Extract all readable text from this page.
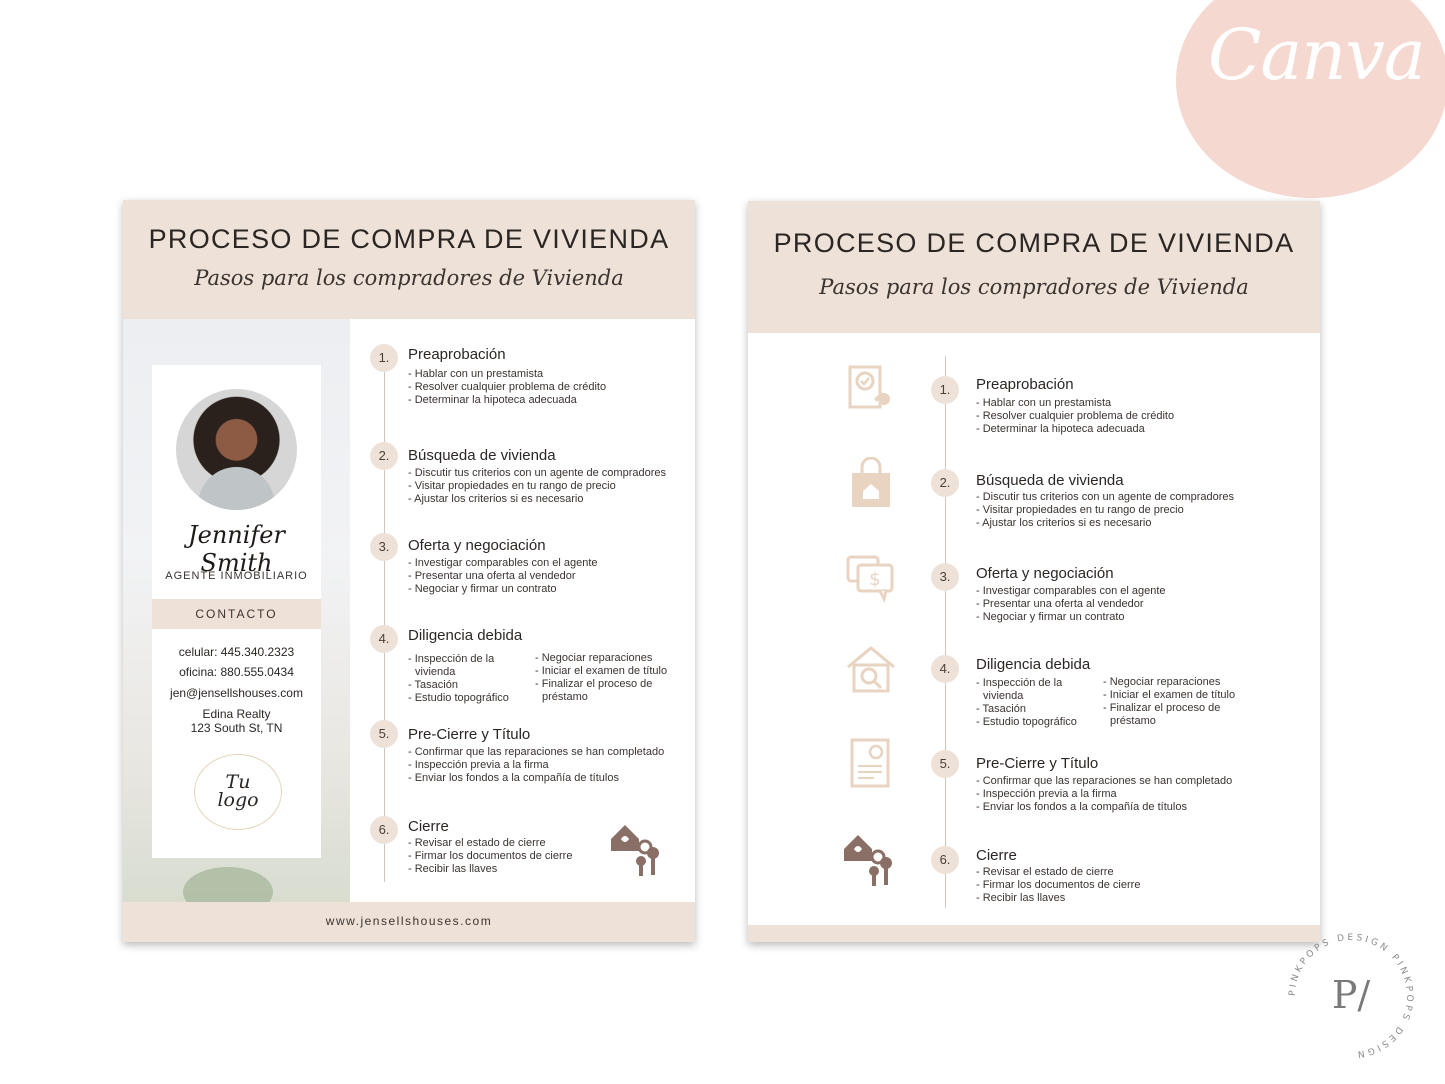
Canva
PROCESO DE COMPRA DE VIVIENDA
Pasos para los compradores de Vivienda
Jennifer Smith
AGENTE INMOBILIARIO
CONTACTO
celular: 445.340.2323
oficina: 880.555.0434
jen@jensellshouses.com
Edina Realty
123 South St, TN
Tu
logo
1.	Preaprobación
- Hablar con un prestamista
- Resolver cualquier problema de crédito
- Determinar la hipoteca adecuada
2.	Búsqueda de vivienda
- Discutir tus criterios con un agente de compradores
- Visitar propiedades en tu rango de precio
- Ajustar los criterios si es necesario
3.	Oferta y negociación
- Investigar comparables con el agente
- Presentar una oferta al vendedor
- Negociar y firmar un contrato
4.	Diligencia debida
- Inspección de la
vivienda
- Tasación
- Estudio topográfico
- Negociar reparaciones
- Iniciar el examen de título
- Finalizar el proceso de
préstamo
5.	Pre-Cierre y Título
- Confirmar que las reparaciones se han completado
- Inspección previa a la firma
- Enviar los fondos a la compañía de títulos
6.	Cierre
- Revisar el estado de cierre
- Firmar los documentos de cierre
- Recibir las llaves
www.jensellshouses.com
PROCESO DE COMPRA DE VIVIENDA
Pasos para los compradores de Vivienda
$
1.	Preaprobación
- Hablar con un prestamista
- Resolver cualquier problema de crédito
- Determinar la hipoteca adecuada
2.	Búsqueda de vivienda
- Discutir tus criterios con un agente de compradores
- Visitar propiedades en tu rango de precio
- Ajustar los criterios si es necesario
3.	Oferta y negociación
- Investigar comparables con el agente
- Presentar una oferta al vendedor
- Negociar y firmar un contrato
4.	Diligencia debida
- Inspección de la
vivienda
- Tasación
- Estudio topográfico
- Negociar reparaciones
- Iniciar el examen de título
- Finalizar el proceso de
préstamo
5.	Pre-Cierre y Título
- Confirmar que las reparaciones se han completado
- Inspección previa a la firma
- Enviar los fondos a la compañía de títulos
6.	Cierre
- Revisar el estado de cierre
- Firmar los documentos de cierre
- Recibir las llaves
PINKPOPS DESIGN PINKPOPS DESIGN
P/
